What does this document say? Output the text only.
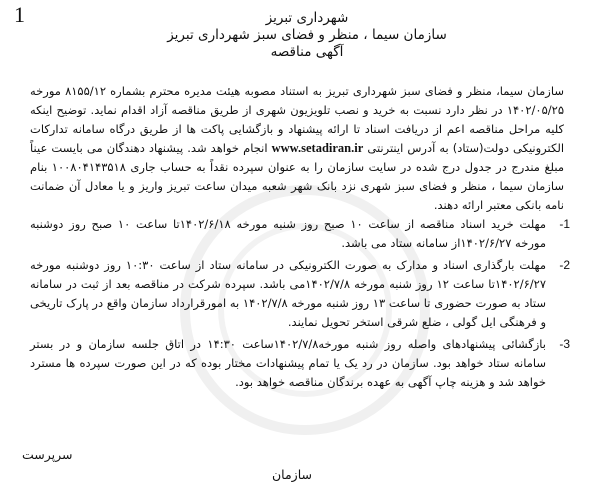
1	شهرداری تبریز
سازمان سیما ، منظر و فضای سبز شهرداری تبریز
آگهی مناقصه

سازمان سیما، منظر و فضای سبز شهرداری تبریز به استناد مصوبه هیئت مدیره محترم بشماره ۸۱۵۵/۱۲ مورخه ۱۴۰۲/۰۵/۲۵ در نظر دارد نسبت به خرید و نصب تلویزیون شهری از طریق مناقصه آزاد اقدام نماید. توضیح اینکه کلیه مراحل مناقصه اعم از دریافت اسناد تا ارائه پیشنهاد و بازگشایی پاکت ها از طریق درگاه سامانه تدارکات الکترونیکی دولت(ستاد) به آدرس اینترنتی www.setadiran.ir انجام خواهد شد. پیشنهاد دهندگان می بایست عیناً مبلغ مندرج در جدول درج شده در سایت سازمان را به عنوان سپرده نقداً به حساب جاری ۱۰۰۸۰۴۱۴۳۵۱۸ بنام سازمان سیما ، منظر و فضای سبز شهری نزد بانک شهر شعبه میدان ساعت تبریز واریز و یا معادل آن ضمانت نامه بانکی معتبر ارائه دهند.

1-
مهلت خرید اسناد مناقصه از ساعت ۱۰ صبح روز شنبه مورخه ۱۴۰۲/۶/۱۸تا ساعت ۱۰ صبح روز دوشنبه مورخه ۱۴۰۲/۶/۲۷از سامانه ستاد می باشد.
2-
مهلت بارگذاری اسناد و مدارک به صورت الکترونیکی در سامانه ستاد از ساعت ۱۰:۳۰ روز دوشنبه مورخه ۱۴۰۲/۶/۲۷تا ساعت ۱۲ روز شنبه مورخه ۱۴۰۲/۷/۸می باشد. سپرده شرکت در مناقصه بعد از ثبت در سامانه ستاد به صورت حضوری تا ساعت ۱۳ روز شنبه مورخه ۱۴۰۲/۷/۸ به امورقرارداد سازمان واقع در پارک تاریخی و فرهنگی ایل گولی ، ضلع شرقی استخر تحویل نمایند.
3-
بازگشائی پیشنهادهای واصله روز شنبه مورخه۱۴۰۲/۷/۸ساعت ۱۴:۳۰ در اتاق جلسه سازمان و در بستر سامانه ستاد خواهد بود. سازمان در رد یک یا تمام پیشنهادات مختار بوده که در این صورت سپرده ها مسترد خواهد شد و هزینه چاپ آگهی به عهده برندگان مناقصه خواهد بود.
سرپرست
سازمان
